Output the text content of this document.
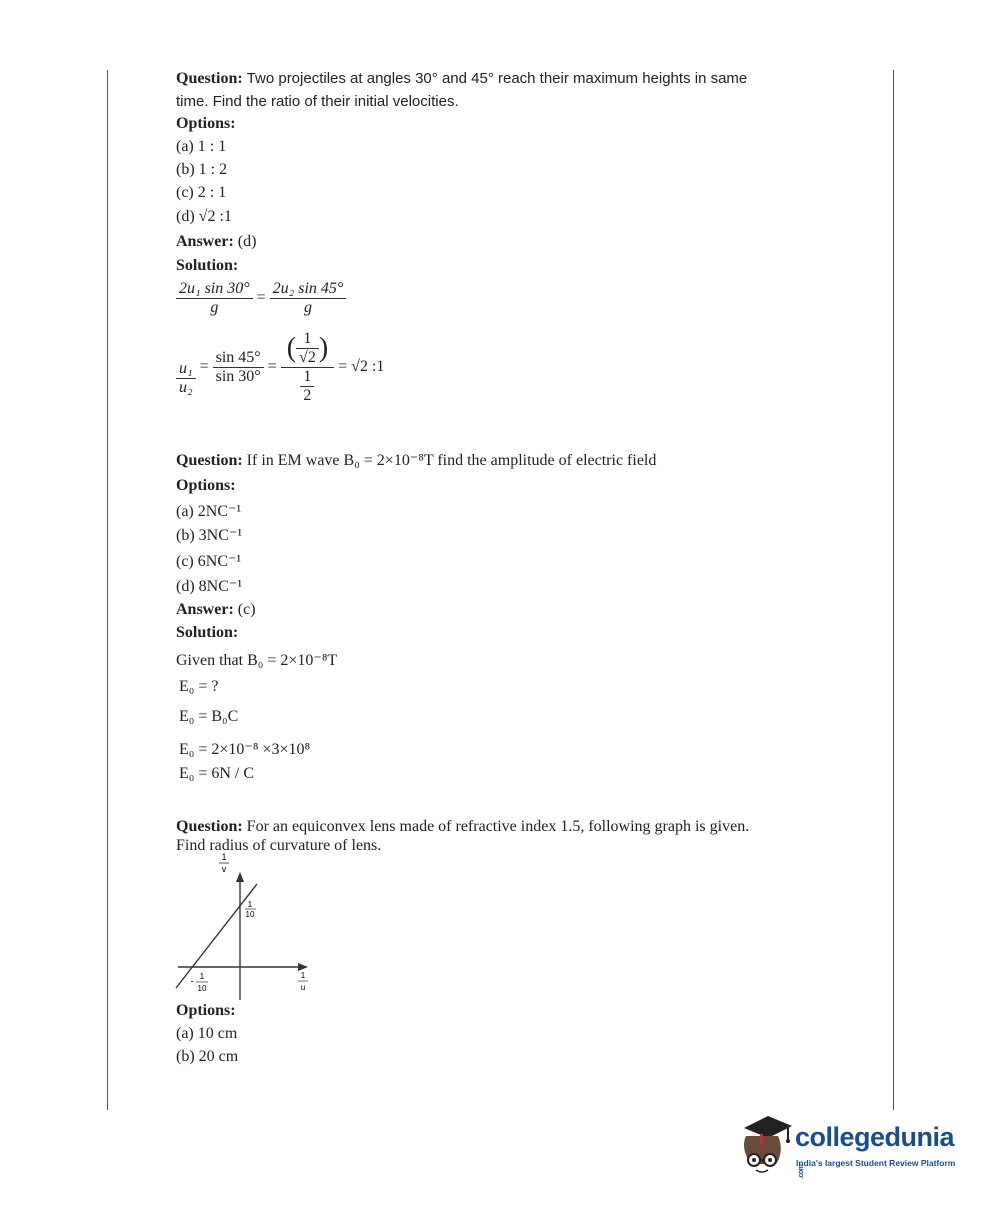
Question: Two projectiles at angles 30° and 45° reach their maximum heights in same
time. Find the ratio of their initial velocities.
Options:
(a) 1 : 1
(b) 1 : 2
(c) 2 : 1
(d) √2 :1
Answer: (d)
Solution:
$\frac{\text{2u₁ sin 30°}}{g} = \frac{\text{2u₂ sin 45°}}{g}$
$\frac{\text{u₁}}{\text{u₂}} = \frac{\sin 45^\circ}{\sin 30^\circ} = \frac{( \frac{1}{√2} )}{\frac{1}{2}} = √2$ :1
Question: If in EM wave B₀ = 2×10⁻⁸T find the amplitude of electric field
Options:
(a) 2NC⁻¹
(b) 3NC⁻¹
(c) 6NC⁻¹
(d) 8NC⁻¹
Answer: (c)
Solution:
Given that B₀ = 2×10⁻⁸T
E₀ = ?
E₀ = B₀C
E₀ = 2×10⁻⁸ ×3×10⁸
E₀ = 6N / C
Question: For an equiconvex lens made of refractive index 1.5, following graph is given.
Find radius of curvature of lens.
1
v
1
10
1
u
- 1
10
Options:
(a) 10 cm
(b) 20 cm
collegedunia.com
India's largest Student Review Platform
